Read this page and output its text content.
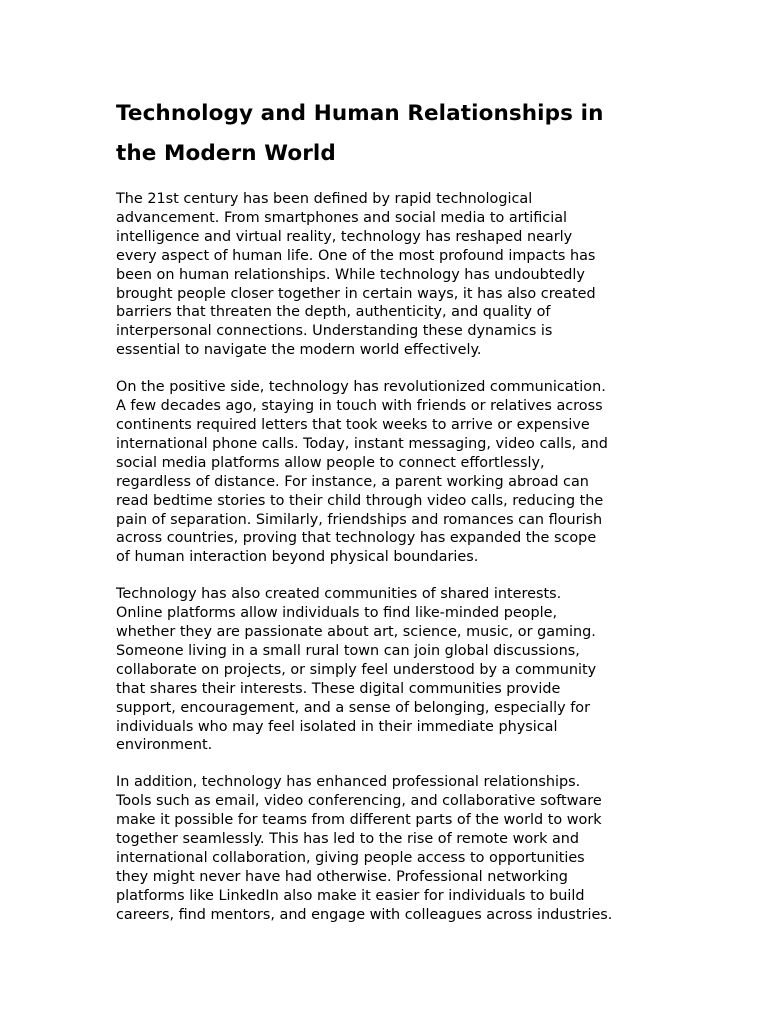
Technology and Human Relationships in
the Modern World

The 21st century has been defined by rapid technological
advancement. From smartphones and social media to artificial
intelligence and virtual reality, technology has reshaped nearly
every aspect of human life. One of the most profound impacts has
been on human relationships. While technology has undoubtedly
brought people closer together in certain ways, it has also created
barriers that threaten the depth, authenticity, and quality of
interpersonal connections. Understanding these dynamics is
essential to navigate the modern world effectively.

On the positive side, technology has revolutionized communication.
A few decades ago, staying in touch with friends or relatives across
continents required letters that took weeks to arrive or expensive
international phone calls. Today, instant messaging, video calls, and
social media platforms allow people to connect effortlessly,
regardless of distance. For instance, a parent working abroad can
read bedtime stories to their child through video calls, reducing the
pain of separation. Similarly, friendships and romances can flourish
across countries, proving that technology has expanded the scope
of human interaction beyond physical boundaries.

Technology has also created communities of shared interests.
Online platforms allow individuals to find like-minded people,
whether they are passionate about art, science, music, or gaming.
Someone living in a small rural town can join global discussions,
collaborate on projects, or simply feel understood by a community
that shares their interests. These digital communities provide
support, encouragement, and a sense of belonging, especially for
individuals who may feel isolated in their immediate physical
environment.

In addition, technology has enhanced professional relationships.
Tools such as email, video conferencing, and collaborative software
make it possible for teams from different parts of the world to work
together seamlessly. This has led to the rise of remote work and
international collaboration, giving people access to opportunities
they might never have had otherwise. Professional networking
platforms like LinkedIn also make it easier for individuals to build
careers, find mentors, and engage with colleagues across industries.
